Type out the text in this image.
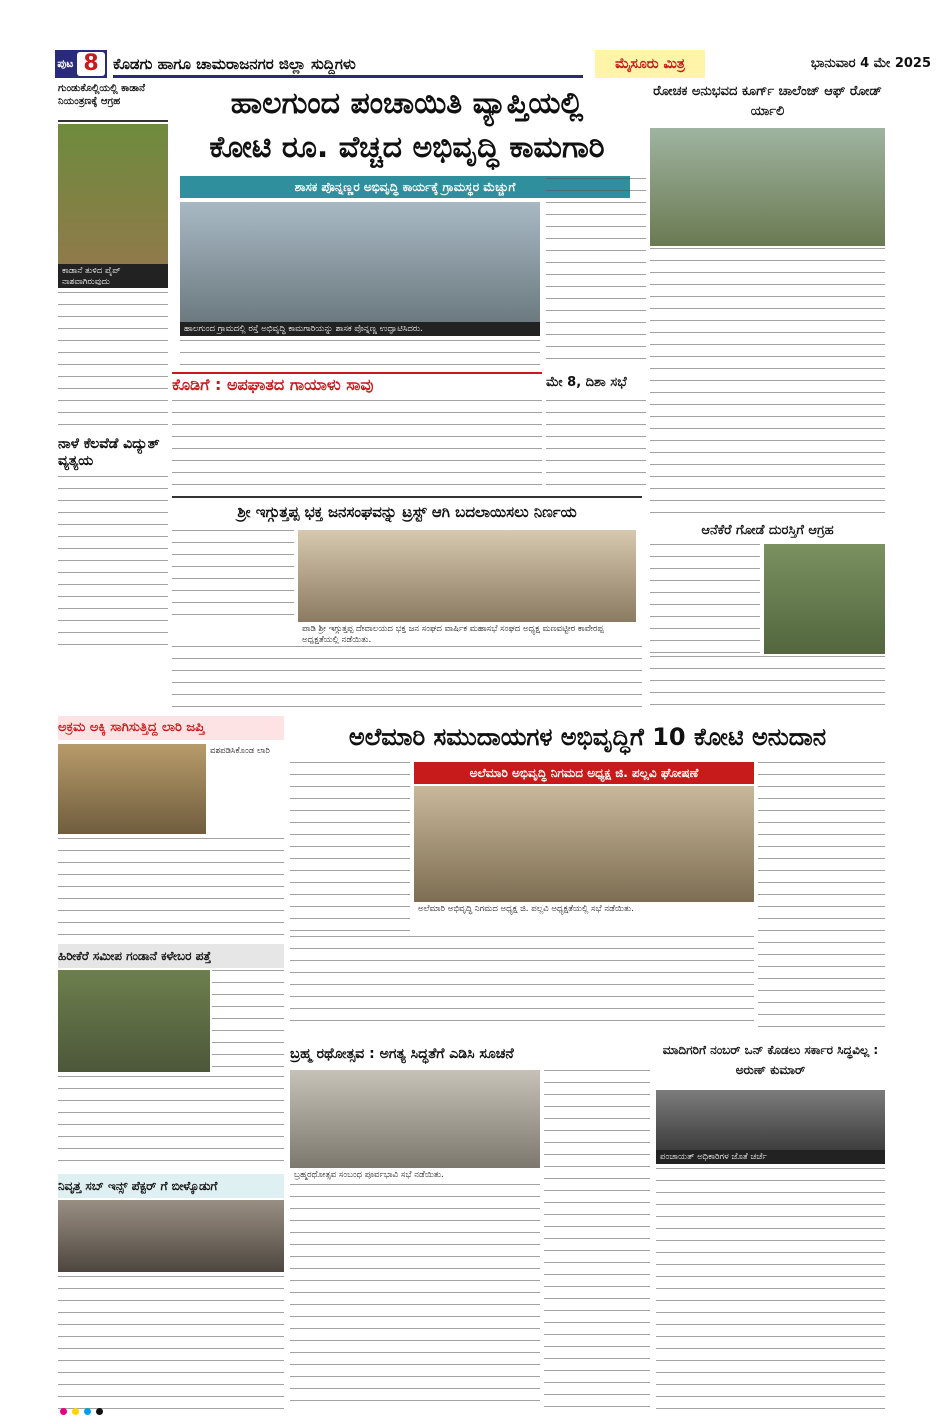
ಪುಟ 8 ಕೊಡಗು ಹಾಗೂ ಚಾಮರಾಜನಗರ ಜಿಲ್ಲಾ ಸುದ್ದಿಗಳು	ಮೈಸೂರು ಮಿತ್ರ	ಭಾನುವಾರ 4 ಮೇ 2025
ಗುಂಡುಕೊಲ್ಲಿಯಲ್ಲಿ ಕಾಡಾನೆ ನಿಯಂತ್ರಣಕ್ಕೆ ಆಗ್ರಹ
ಕಾಡಾನೆ ತುಳಿದ ಪೈಪ್ ನಾಶವಾಗಿರುವುದು
ನಾಳೆ ಕೆಲವೆಡೆ ವಿದ್ಯುತ್ ವ್ಯತ್ಯಯ
ಹಾಲಗುಂದ ಪಂಚಾಯಿತಿ ವ್ಯಾಪ್ತಿಯಲ್ಲಿ
ಕೋಟಿ ರೂ. ವೆಚ್ಚದ ಅಭಿವೃದ್ಧಿ ಕಾಮಗಾರಿ
ಶಾಸಕ ಪೊನ್ನಣ್ಣರ ಅಭಿವೃದ್ಧಿ ಕಾರ್ಯಕ್ಕೆ ಗ್ರಾಮಸ್ಥರ ಮೆಚ್ಚುಗೆ
ಹಾಲಗುಂದ ಗ್ರಾಮದಲ್ಲಿ ರಸ್ತೆ ಅಭಿವೃದ್ಧಿ ಕಾಮಗಾರಿಯನ್ನು ಶಾಸಕ ಪೊನ್ನಣ್ಣ ಉದ್ಘಾಟಿಸಿದರು.
ಕೊಡಿಗೆ : ಅಪಘಾತದ ಗಾಯಾಳು ಸಾವು	ಮೇ 8, ದಿಶಾ ಸಭೆ
ರೋಚಕ ಅನುಭವದ ಕೂರ್ಗ್ ಚಾಲೆಂಜ್ ಆಫ್ ರೋಡ್ ರ್ಯಾಲಿ
ಶ್ರೀ ಇಗ್ಗುತ್ತಪ್ಪ ಭಕ್ತ ಜನಸಂಘವನ್ನು ಟ್ರಸ್ಟ್ ಆಗಿ ಬದಲಾಯಿಸಲು ನಿರ್ಣಯ
ಪಾಡಿ ಶ್ರೀ ಇಗ್ಗುತ್ತಪ್ಪ ದೇವಾಲಯದ ಭಕ್ತ ಜನ ಸಂಘದ ವಾರ್ಷಿಕ ಮಹಾಸಭೆ ಸಂಘದ ಅಧ್ಯಕ್ಷ ಮಣವಟ್ಟೀರ ಕಾವೇರಪ್ಪ ಅಧ್ಯಕ್ಷತೆಯಲ್ಲಿ ನಡೆಯಿತು.
ಆನೆಕೆರೆ ಗೋಡೆ ದುರಸ್ತಿಗೆ ಆಗ್ರಹ
ಅಕ್ರಮ ಅಕ್ಕಿ ಸಾಗಿಸುತ್ತಿದ್ದ ಲಾರಿ ಜಪ್ತಿ
ವಶಪಡಿಸಿಕೊಂಡ ಲಾರಿ	ಅಲೆಮಾರಿ ಸಮುದಾಯಗಳ ಅಭಿವೃದ್ಧಿಗೆ 10 ಕೋಟಿ ಅನುದಾನ
ಅಲೆಮಾರಿ ಅಭಿವೃದ್ಧಿ ನಿಗಮದ ಅಧ್ಯಕ್ಷ ಜಿ. ಪಲ್ಲವಿ ಘೋಷಣೆ
ಅಲೆಮಾರಿ ಅಭಿವೃದ್ಧಿ ನಿಗಮದ ಅಧ್ಯಕ್ಷ ಜಿ. ಪಲ್ಲವಿ ಅಧ್ಯಕ್ಷತೆಯಲ್ಲಿ ಸಭೆ ನಡೆಯಿತು.
ಹಿರೀಕೆರೆ ಸಮೀಪ ಗಂಡಾನೆ ಕಳೇಬರ ಪತ್ತೆ
ಬ್ರಹ್ಮ ರಥೋತ್ಸವ : ಅಗತ್ಯ ಸಿದ್ಧತೆಗೆ ಎಡಿಸಿ ಸೂಚನೆ
ಬ್ರಹ್ಮರಥೋತ್ಸವ ಸಂಬಂಧ ಪೂರ್ವಭಾವಿ ಸಭೆ ನಡೆಯಿತು.
ಮಾದಿಗರಿಗೆ ನಂಬರ್ ಒನ್ ಕೊಡಲು ಸರ್ಕಾರ ಸಿದ್ಧವಿಲ್ಲ : ಅರುಣ್ ಕುಮಾರ್
ಪಂಚಾಯತ್ ಅಧಿಕಾರಿಗಳ ಜೊತೆ ಚರ್ಚೆ
ನಿವೃತ್ತ ಸಬ್ ಇನ್ಸ್ ಪೆಕ್ಟರ್ ಗೆ ಬೀಳ್ಕೊಡುಗೆ
